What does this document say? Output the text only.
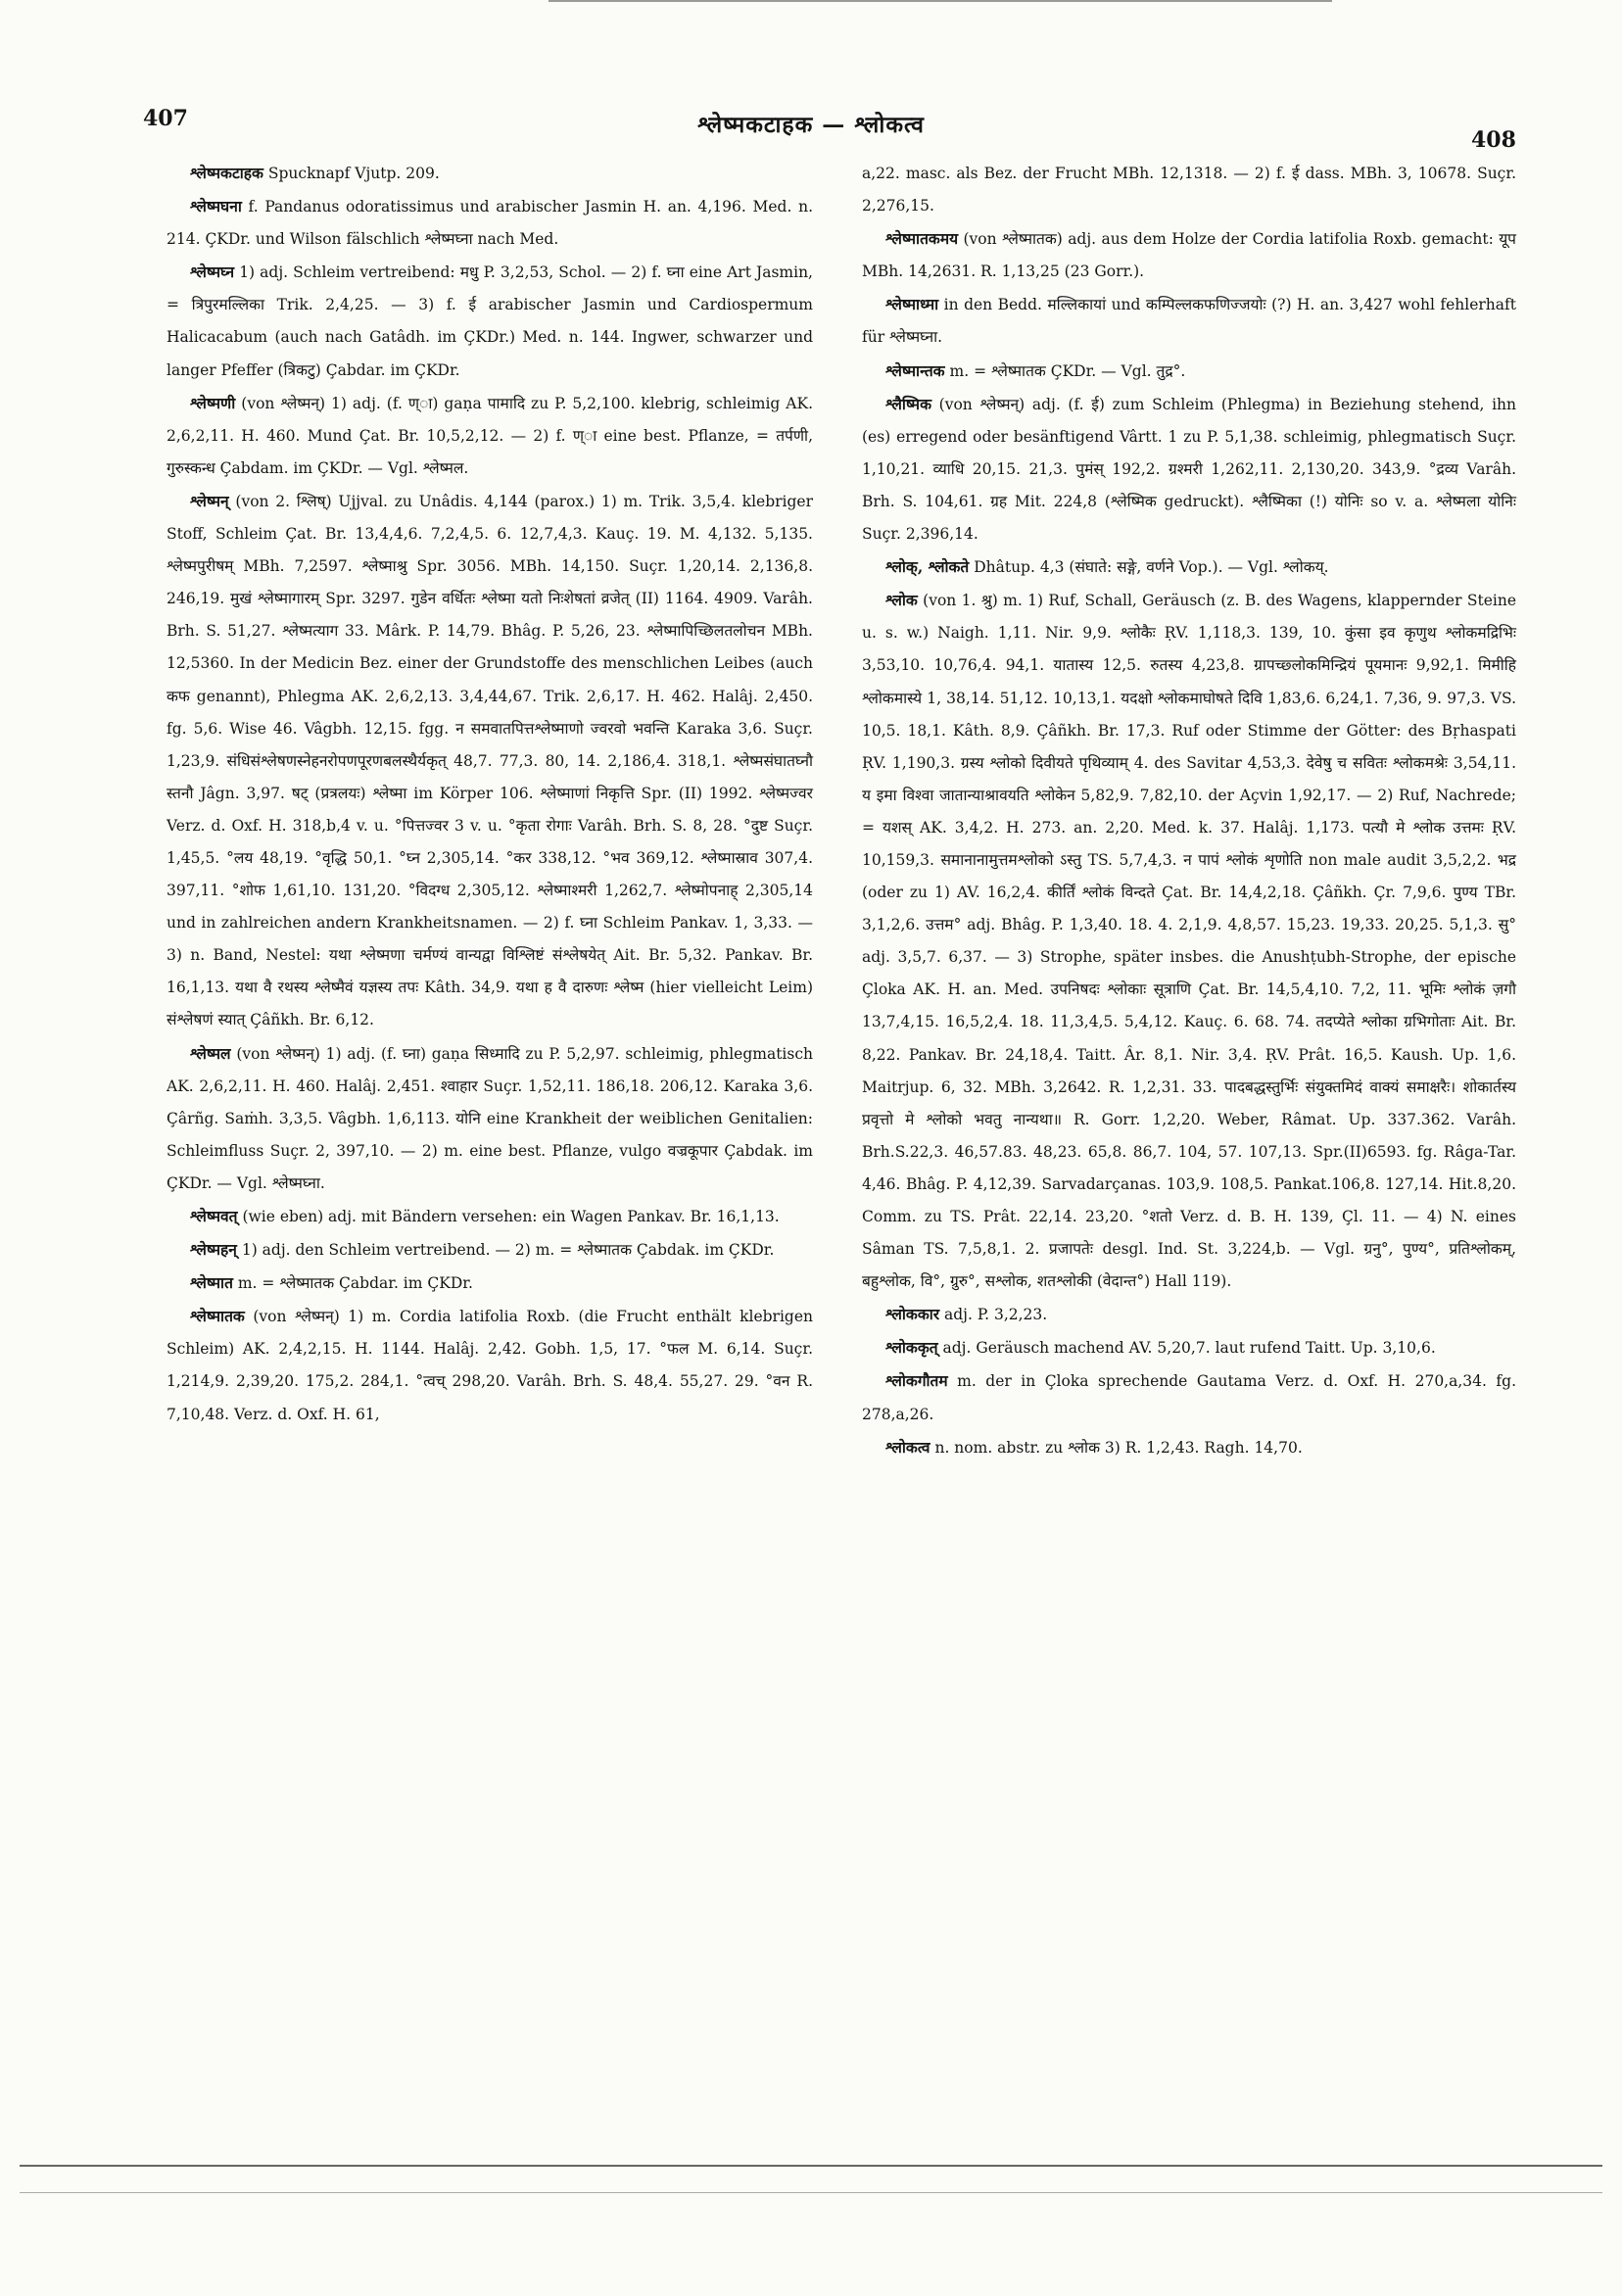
407	श्लेष्मकटाहक — श्लोकत्व
408

श्लेष्मकटाहक Spucknapf Vjutp. 209.

श्लेष्मघना f. Pandanus odoratissimus und arabischer Jasmin H. an. 4,196. Med. n. 214. ÇKDr. und Wilson fälschlich श्लेष्मघ्ना nach Med.

श्लेष्मघ्न 1) adj. Schleim vertreibend: मधु P. 3,2,53, Schol. — 2) f. घ्ना eine Art Jasmin, = त्रिपुरमल्लिका Trik. 2,4,25. — 3) f. ई arabischer Jasmin und Cardiospermum Halicacabum (auch nach Gatâdh. im ÇKDr.) Med. n. 144. Ingwer, schwarzer und langer Pfeffer (त्रिकटु) Çabdar. im ÇKDr.

श्लेष्मणी (von श्लेष्मन्) 1) adj. (f. ण्ा) gaṇa पामादि zu P. 5,2,100. klebrig, schleimig AK. 2,6,2,11. H. 460. Mund Çat. Br. 10,5,2,12. — 2) f. ण्ा eine best. Pflanze, = तर्पणी, गुरुस्कन्ध Çabdam. im ÇKDr. — Vgl. श्लेष्मल.

श्लेष्मन् (von 2. श्लिष्) Ujjval. zu Unâdis. 4,144 (parox.) 1) m. Trik. 3,5,4. klebriger Stoff, Schleim Çat. Br. 13,4,4,6. 7,2,4,5. 6. 12,7,4,3. Kauç. 19. M. 4,132. 5,135. श्लेष्मपुरीषम् MBh. 7,2597. श्लेष्माश्रु Spr. 3056. MBh. 14,150. Suçr. 1,20,14. 2,136,8. 246,19. मुखं श्लेष्मागारम् Spr. 3297. गुडेन वर्धितः श्लेष्मा यतो निःशेषतां व्रजेत् (II) 1164. 4909. Varâh. Brh. S. 51,27. श्लेष्मत्याग 33. Mârk. P. 14,79. Bhâg. P. 5,26, 23. श्लेष्मापिच्छिलतलोचन MBh. 12,5360. In der Medicin Bez. einer der Grundstoffe des menschlichen Leibes (auch कफ genannt), Phlegma AK. 2,6,2,13. 3,4,44,67. Trik. 2,6,17. H. 462. Halâj. 2,450. fg. 5,6. Wise 46. Vâgbh. 12,15. fgg. न समवातपित्तश्लेष्माणो ज्वरवो भवन्ति Karaka 3,6. Suçr. 1,23,9. संधिसंश्लेषणस्नेहनरोपणपूरणबलस्थैर्यकृत् 48,7. 77,3. 80, 14. 2,186,4. 318,1. श्लेष्मसंघातघ्नौ स्तनौ Jâgn. 3,97. षट् (प्रत्रलयः) श्लेष्मा im Körper 106. श्लेष्माणां निकृत्ति Spr. (II) 1992. श्लेष्मज्वर Verz. d. Oxf. H. 318,b,4 v. u. °पित्तज्वर 3 v. u. °कृता रोगाः Varâh. Brh. S. 8, 28. °दुष्ट Suçr. 1,45,5. °लय 48,19. °वृद्धि 50,1. °घ्न 2,305,14. °कर 338,12. °भव 369,12. श्लेष्मास्राव 307,4. 397,11. °शोफ 1,61,10. 131,20. °विदग्ध 2,305,12. श्लेष्माश्मरी 1,262,7. श्लेष्मोपनाह् 2,305,14 und in zahlreichen andern Krankheitsnamen. — 2) f. घ्ना Schleim Pankav. 1, 3,33. — 3) n. Band, Nestel: यथा श्लेष्मणा चर्मण्यं वान्यद्वा विश्लिष्टं संश्लेषयेत् Ait. Br. 5,32. Pankav. Br. 16,1,13. यथा वै रथस्य श्लेष्मैवं यज्ञस्य तपः Kâth. 34,9. यथा ह वै दारुणः श्लेष्म (hier vielleicht Leim) संश्लेषणं स्यात् Çâñkh. Br. 6,12.

श्लेष्मल (von श्लेष्मन्) 1) adj. (f. घ्ना) gaṇa सिध्मादि zu P. 5,2,97. schleimig, phlegmatisch AK. 2,6,2,11. H. 460. Halâj. 2,451. श्वाहार Suçr. 1,52,11. 186,18. 206,12. Karaka 3,6. Çârñg. Saṁh. 3,3,5. Vâgbh. 1,6,113. योनि eine Krankheit der weiblichen Genitalien: Schleimfluss Suçr. 2, 397,10. — 2) m. eine best. Pflanze, vulgo वज्रकूपार Çabdak. im ÇKDr. — Vgl. श्लेष्मघ्ना.

श्लेष्मवत् (wie eben) adj. mit Bändern versehen: ein Wagen Pankav. Br. 16,1,13.

श्लेष्महन् 1) adj. den Schleim vertreibend. — 2) m. = श्लेष्मातक Çabdak. im ÇKDr.

श्लेष्मात m. = श्लेष्मातक Çabdar. im ÇKDr.

श्लेष्मातक (von श्लेष्मन्) 1) m. Cordia latifolia Roxb. (die Frucht enthält klebrigen Schleim) AK. 2,4,2,15. H. 1144. Halâj. 2,42. Gobh. 1,5, 17. °फल M. 6,14. Suçr. 1,214,9. 2,39,20. 175,2. 284,1. °त्वच् 298,20. Varâh. Brh. S. 48,4. 55,27. 29. °वन R. 7,10,48. Verz. d. Oxf. H. 61,

a,22. masc. als Bez. der Frucht MBh. 12,1318. — 2) f. ई dass. MBh. 3, 10678. Suçr. 2,276,15.

श्लेष्मातकमय (von श्लेष्मातक) adj. aus dem Holze der Cordia latifolia Roxb. gemacht: यूप MBh. 14,2631. R. 1,13,25 (23 Gorr.).

श्लेष्माध्मा in den Bedd. मल्लिकायां und कम्पिल्लकफणिज्जयोः (?) H. an. 3,427 wohl fehlerhaft für श्लेष्मघ्ना.

श्लेष्मान्तक m. = श्लेष्मातक ÇKDr. — Vgl. तुद्र°.

श्लैष्मिक (von श्लेष्मन्) adj. (f. ई) zum Schleim (Phlegma) in Beziehung stehend, ihn (es) erregend oder besänftigend Vârtt. 1 zu P. 5,1,38. schleimig, phlegmatisch Suçr. 1,10,21. व्याधि 20,15. 21,3. पुमंस् 192,2. ग्रश्मरी 1,262,11. 2,130,20. 343,9. °द्रव्य Varâh. Brh. S. 104,61. ग्रह Mit. 224,8 (श्लेष्मिक gedruckt). श्लैष्मिका (!) योनिः so v. a. श्लेष्मला योनिः Suçr. 2,396,14.

श्लोक्, श्लोकते Dhâtup. 4,3 (संघाते: सङ्गे, वर्णने Vop.). — Vgl. श्लोकय्.

श्लोक (von 1. श्रु) m. 1) Ruf, Schall, Geräusch (z. B. des Wagens, klappernder Steine u. s. w.) Naigh. 1,11. Nir. 9,9. श्लोकैः ṚV. 1,118,3. 139, 10. कुंसा इव कृणुथ श्लोकमद्रिभिः 3,53,10. 10,76,4. 94,1. यातास्य 12,5. रुतस्य 4,23,8. ग्रापच्छ्लोकमिन्द्रियं पूयमानः 9,92,1. मिमीहि श्लोकमास्ये 1, 38,14. 51,12. 10,13,1. यदक्षो श्लोकमाघोषते दिवि 1,83,6. 6,24,1. 7,36, 9. 97,3. VS. 10,5. 18,1. Kâth. 8,9. Çâñkh. Br. 17,3. Ruf oder Stimme der Götter: des Bṛhaspati ṚV. 1,190,3. ग्रस्य श्लोको दिवीयते पृथिव्याम् 4. des Savitar 4,53,3. देवेषु च सवितः श्लोकमश्रेः 3,54,11. य इमा विश्वा जातान्याश्रावयति श्लोकेन 5,82,9. 7,82,10. der Açvin 1,92,17. — 2) Ruf, Nachrede; = यशस् AK. 3,4,2. H. 273. an. 2,20. Med. k. 37. Halâj. 1,173. पत्यौ मे श्लोक उत्तमः ṚV. 10,159,3. समानानामुत्तमश्लोको ऽस्तु TS. 5,7,4,3. न पापं श्लोकं शृणोति non male audit 3,5,2,2. भद्र (oder zu 1) AV. 16,2,4. कीर्तिं श्लोकं विन्दते Çat. Br. 14,4,2,18. Çâñkh. Çr. 7,9,6. पुण्य TBr. 3,1,2,6. उत्तम° adj. Bhâg. P. 1,3,40. 18. 4. 2,1,9. 4,8,57. 15,23. 19,33. 20,25. 5,1,3. सु° adj. 3,5,7. 6,37. — 3) Strophe, später insbes. die Anushṭubh-Strophe, der epische Çloka AK. H. an. Med. उपनिषदः श्लोकाः सूत्राणि Çat. Br. 14,5,4,10. 7,2, 11. भूमिः श्लोकं ज़गौ 13,7,4,15. 16,5,2,4. 18. 11,3,4,5. 5,4,12. Kauç. 6. 68. 74. तदप्येते श्लोका ग्रभिगोताः Ait. Br. 8,22. Pankav. Br. 24,18,4. Taitt. Âr. 8,1. Nir. 3,4. ṚV. Prât. 16,5. Kaush. Up. 1,6. Maitrjup. 6, 32. MBh. 3,2642. R. 1,2,31. 33. पादबद्धस्तुर्भिः संयुक्तमिदं वाक्यं समाक्षरैः। शोकार्तस्य प्रवृत्तो मे श्लोको भवतु नान्यथा॥ R. Gorr. 1,2,20. Weber, Râmat. Up. 337.362. Varâh. Brh.S.22,3. 46,57.83. 48,23. 65,8. 86,7. 104, 57. 107,13. Spr.(II)6593. fg. Râga-Tar. 4,46. Bhâg. P. 4,12,39. Sarvadarçanas. 103,9. 108,5. Pankat.106,8. 127,14. Hit.8,20. Comm. zu TS. Prât. 22,14. 23,20. °शतो Verz. d. B. H. 139, Çl. 11. — 4) N. eines Sâman TS. 7,5,8,1. 2. प्रजापतेः desgl. Ind. St. 3,224,b. — Vgl. ग्रनु°, पुण्य°, प्रतिश्लोकम्, बहुश्लोक, वि°, ग्रुरु°, सश्लोक, शतश्लोकी (वेदान्त°) Hall 119).

श्लोककार adj. P. 3,2,23.

श्लोककृत् adj. Geräusch machend AV. 5,20,7. laut rufend Taitt. Up. 3,10,6.

श्लोकगौतम m. der in Çloka sprechende Gautama Verz. d. Oxf. H. 270,a,34. fg. 278,a,26.

श्लोकत्व n. nom. abstr. zu श्लोक 3) R. 1,2,43. Ragh. 14,70.
